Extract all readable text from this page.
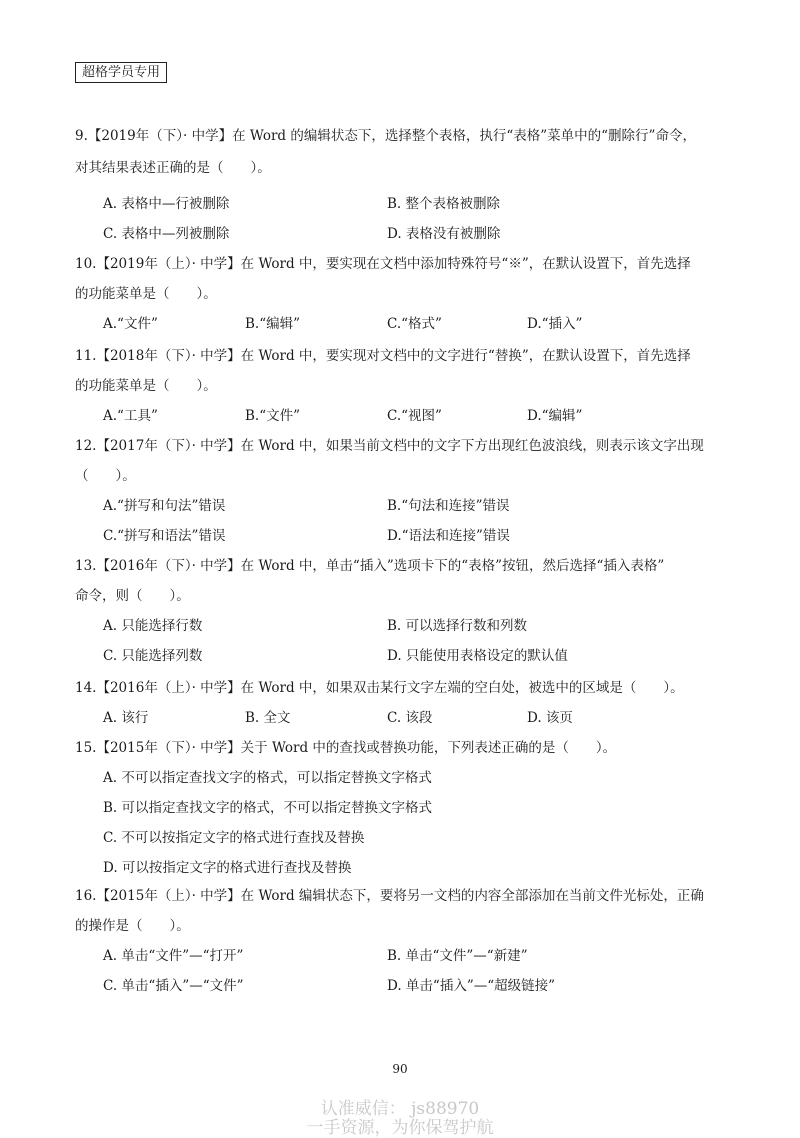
超格学员专用
9.【2019年（下）· 中学】在 Word 的编辑状态下，选择整个表格，执行“表格”菜单中的“删除行”命令，
对其结果表述正确的是（　　）。
A. 表格中—行被删除	B. 整个表格被删除
C. 表格中—列被删除	D. 表格没有被删除
10.【2019年（上）· 中学】在 Word 中，要实现在文档中添加特殊符号“※”，在默认设置下，首先选择
的功能菜单是（　　）。
A.“文件”	B.“编辑”	C.“格式”	D.“插入”
11.【2018年（下）· 中学】在 Word 中，要实现对文档中的文字进行“替换”，在默认设置下，首先选择
的功能菜单是（　　）。
A.“工具”	B.“文件”	C.“视图”	D.“编辑”
12.【2017年（下）· 中学】在 Word 中，如果当前文档中的文字下方出现红色波浪线，则表示该文字出现
（　　）。
A.“拼写和句法”错误	B.“句法和连接”错误
C.“拼写和语法”错误	D.“语法和连接”错误
13.【2016年（下）· 中学】在 Word 中，单击“插入”选项卡下的“表格”按钮，然后选择“插入表格”
命令，则（　　）。
A. 只能选择行数	B. 可以选择行数和列数
C. 只能选择列数	D. 只能使用表格设定的默认值
14.【2016年（上）· 中学】在 Word 中，如果双击某行文字左端的空白处，被选中的区域是（　　）。
A. 该行	B. 全文	C. 该段	D. 该页
15.【2015年（下）· 中学】关于 Word 中的查找或替换功能，下列表述正确的是（　　）。
A. 不可以指定查找文字的格式，可以指定替换文字格式
B. 可以指定查找文字的格式，不可以指定替换文字格式
C. 不可以按指定文字的格式进行查找及替换
D. 可以按指定文字的格式进行查找及替换
16.【2015年（上）· 中学】在 Word 编辑状态下，要将另一文档的内容全部添加在当前文件光标处，正确
的操作是（　　）。
A. 单击“文件”—“打开”	B. 单击“文件”—“新建”
C. 单击“插入”—“文件”	D. 单击“插入”—“超级链接”
90
认准威信： js88970
一手资源，为你保驾护航
